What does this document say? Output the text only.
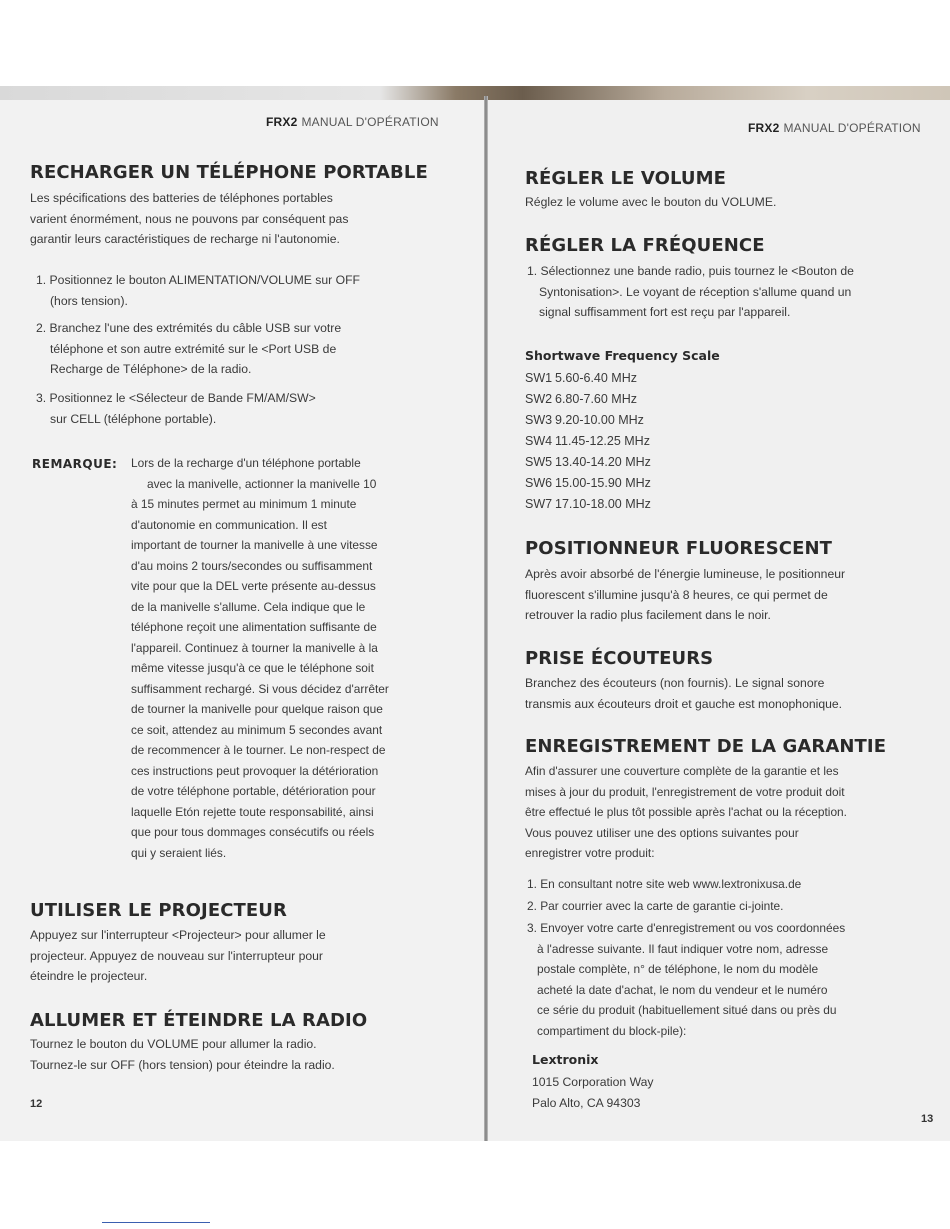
FRX2 MANUAL D'OPÉRATION
RECHARGER UN TÉLÉPHONE PORTABLE
Les spécifications des batteries de téléphones portables
varient énormément, nous ne pouvons par conséquent pas
garantir leurs caractéristiques de recharge ni l'autonomie.
1. Positionnez le bouton ALIMENTATION/VOLUME sur OFF
(hors tension).
2. Branchez l'une des extrémités du câble USB sur votre
téléphone et son autre extrémité sur le <Port USB de
Recharge de Téléphone> de la radio.
3. Positionnez le <Sélecteur de Bande FM/AM/SW>
sur CELL (téléphone portable).
REMARQUE: Lors de la recharge d'un téléphone portable
avec la manivelle, actionner la manivelle 10
à 15 minutes permet au minimum 1 minute
d'autonomie en communication. Il est
important de tourner la manivelle à une vitesse
d'au moins 2 tours/secondes ou suffisamment
vite pour que la DEL verte présente au-dessus
de la manivelle s'allume. Cela indique que le
téléphone reçoit une alimentation suffisante de
l'appareil. Continuez à tourner la manivelle à la
même vitesse jusqu'à ce que le téléphone soit
suffisamment rechargé. Si vous décidez d'arrêter
de tourner la manivelle pour quelque raison que
ce soit, attendez au minimum 5 secondes avant
de recommencer à le tourner. Le non-respect de
ces instructions peut provoquer la détérioration
de votre téléphone portable, détérioration pour
laquelle Etón rejette toute responsabilité, ainsi
que pour tous dommages consécutifs ou réels
qui y seraient liés.
UTILISER LE PROJECTEUR
Appuyez sur l'interrupteur <Projecteur> pour allumer le
projecteur. Appuyez de nouveau sur l'interrupteur pour
éteindre le projecteur.
ALLUMER ET ÉTEINDRE LA RADIO
Tournez le bouton du VOLUME pour allumer la radio.
Tournez-le sur OFF (hors tension) pour éteindre la radio.
12
FRX2 MANUAL D'OPÉRATION
RÉGLER LE VOLUME
Réglez le volume avec le bouton du VOLUME.
RÉGLER LA FRÉQUENCE
1. Sélectionnez une bande radio, puis tournez le <Bouton de
Syntonisation>. Le voyant de réception s'allume quand un
signal suffisamment fort est reçu par l'appareil.
Shortwave Frequency Scale
SW1 5.60-6.40 MHz
SW2 6.80-7.60 MHz
SW3 9.20-10.00 MHz
SW4 11.45-12.25 MHz
SW5 13.40-14.20 MHz
SW6 15.00-15.90 MHz
SW7 17.10-18.00 MHz
POSITIONNEUR FLUORESCENT
Après avoir absorbé de l'énergie lumineuse, le positionneur
fluorescent s'illumine jusqu'à 8 heures, ce qui permet de
retrouver la radio plus facilement dans le noir.
PRISE ÉCOUTEURS
Branchez des écouteurs (non fournis). Le signal sonore
transmis aux écouteurs droit et gauche est monophonique.
ENREGISTREMENT DE LA GARANTIE
Afin d'assurer une couverture complète de la garantie et les
mises à jour du produit, l'enregistrement de votre produit doit
être effectué le plus tôt possible après l'achat ou la réception.
Vous pouvez utiliser une des options suivantes pour
enregistrer votre produit:
1. En consultant notre site web www.lextronixusa.de
2. Par courrier avec la carte de garantie ci-jointe.
3. Envoyer votre carte d'enregistrement ou vos coordonnées
à l'adresse suivante. Il faut indiquer votre nom, adresse
postale complète, n° de téléphone, le nom du modèle
acheté la date d'achat, le nom du vendeur et le numéro
ce série du produit (habituellement situé dans ou près du
compartiment du block-pile):
Lextronix
1015 Corporation Way
Palo Alto, CA 94303
13
